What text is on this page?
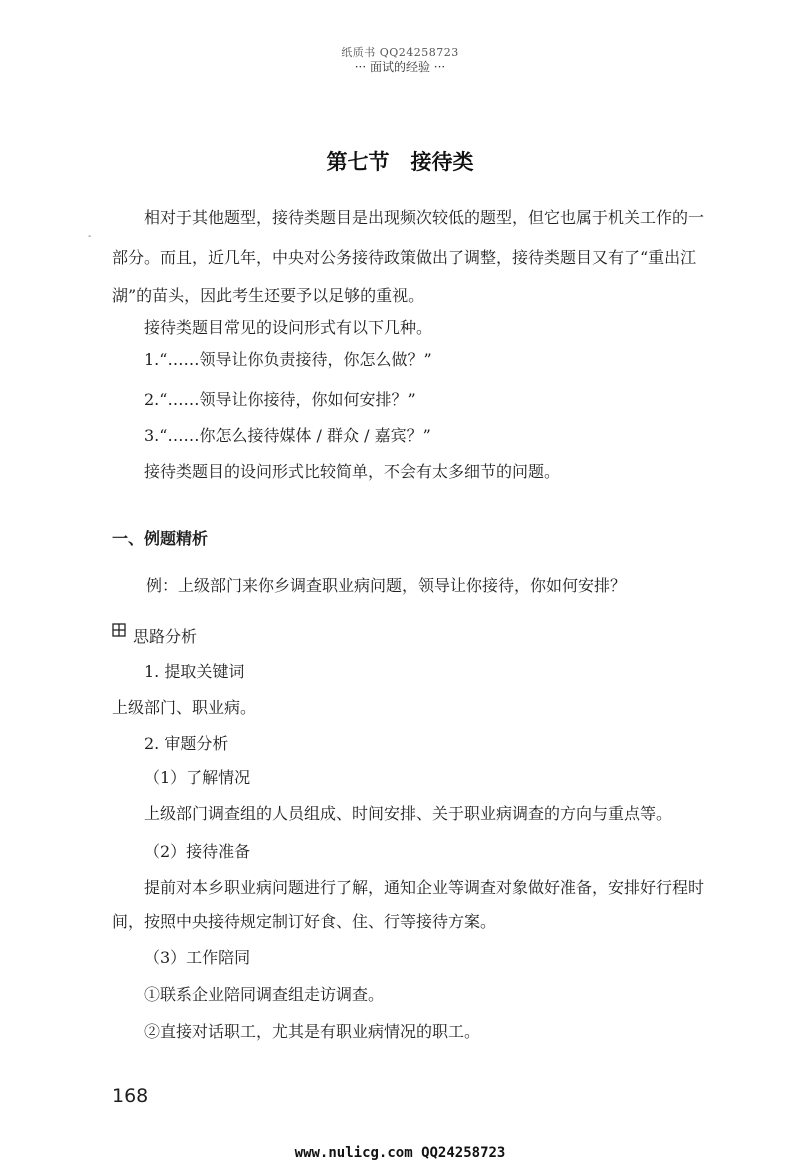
纸质书 QQ24258723
··· 面试的经验 ···
第七节　接待类
-
相对于其他题型，接待类题目是出现频次较低的题型，但它也属于机关工作的一
部分。而且，近几年，中央对公务接待政策做出了调整，接待类题目又有了“重出江
湖”的苗头，因此考生还要予以足够的重视。
接待类题目常见的设问形式有以下几种。
1.“……领导让你负责接待，你怎么做？”
2.“……领导让你接待，你如何安排？”
3.“……你怎么接待媒体 / 群众 / 嘉宾？”
接待类题目的设问形式比较简单，不会有太多细节的问题。
一、例题精析
例：上级部门来你乡调查职业病问题，领导让你接待，你如何安排？
思路分析
1. 提取关键词
上级部门、职业病。
2. 审题分析
（1）了解情况
上级部门调查组的人员组成、时间安排、关于职业病调查的方向与重点等。
（2）接待准备
提前对本乡职业病问题进行了解，通知企业等调查对象做好准备，安排好行程时
间，按照中央接待规定制订好食、住、行等接待方案。
（3）工作陪同
①联系企业陪同调查组走访调查。
②直接对话职工，尤其是有职业病情况的职工。
168
www.nulicg.com QQ24258723
